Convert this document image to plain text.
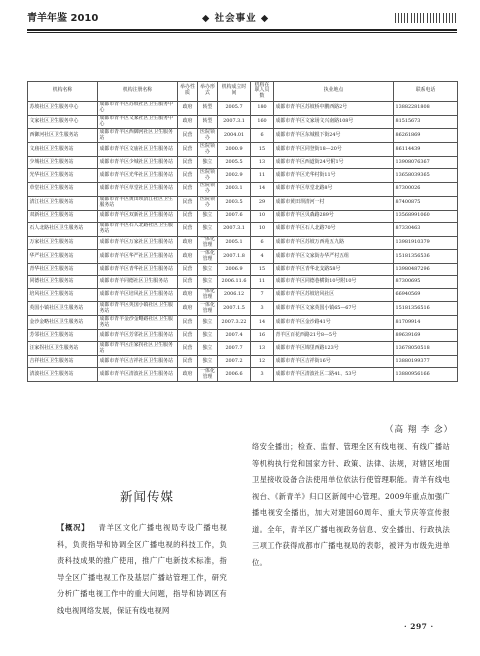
青羊年鉴 2010	◆ 社会事业 ◆
机构名称	机构注册名称	举办性质	举办形式	机构成立时间	机构在职人员数	执业地点	联系电话
苏坡社区卫生服务中心	成都市青羊区苏坡社区卫生服务中心	政府	转型	2005.7	180	成都市青羊区苏坡桥中鹏西路2号	13882281808
文家社区卫生服务中心	成都市青羊区文家社区卫生服务中心	政府	转型	2007.3.1	160	成都市青羊区文家场文兴南路108号	81515673
西御河社区卫生服务站	成都市青羊区西御河社区卫生服务站	民营	医院领办	2004.01	6	成都市青羊区东城根下街24号	86261869
文庙社区卫生服务站	成都市青羊区文庙社区卫生服务站	民营	医院领办	2000.9	15	成都市青羊区同登街18—20号	86114439
少城社区卫生服务站	成都市青羊区少城社区卫生服务站	民营	独立	2005.5	13	成都市青羊区西道街24号附1号	13908076367
光华社区卫生服务站	成都市青羊区光华社区卫生服务站	民营	医院领办	2002.9	11	成都市青羊区光华村街11号	13658039365
草堂社区卫生服务站	成都市青羊区草堂社区卫生服务站	民营	医院领办	2003.1	14	成都市青羊区草堂北路8号	87300026
清江社区卫生服务站	成都市青羊区黄田坝清江社区卫生服务站	民营	医院领办	2003.5	29	成都市黄田坝清河一村	87400875
双新社区卫生服务站	成都市青羊区双新社区卫生服务站	民营	独立	2007.6	10	成都市青羊区贝森路289号	13568991060
石人北路社区卫生服务站	成都市青羊区石人北路社区卫生服务站	民营	独立	2007.3.1	10	成都市青羊区石人北路70号	87330463
万家社区卫生服务站	成都市青羊区万家社区卫生服务站	政府	一体化管理	2005.1	6	成都市青羊区苏坡万西苑五九路	13981910379
华严社区卫生服务站	成都市青羊区华严社区卫生服务站	政府	一体化管理	2007.1.8	4	成都市青羊区文家街办华严村五组	15181356536
青华社区卫生服务站	成都市青羊区青华社区卫生服务站	民营	独立	2006.9	15	成都市青羊区青华北支路58号	13980487296
同德社区卫生服务站	成都市青羊同德社区卫生服务站	民营	独立	2006.11.6	11	成都市青羊区同德巷横街10号附10号	87300695
培风社区卫生服务站	成都市青羊区培风社区卫生服务站	政府	一体化管理	2006.12	7	成都市青羊区苏坡培风社区	66940569
英国小镇社区卫生服务站	成都市青羊区英国小镇社区卫生服务站	政府	一体化管理	2007.1.5	3	成都市青羊区文家英国小镇65—67号	15181356516
金沙金略社区卫生服务站	成都市青羊金沙金略路社区卫生服务站	民营	独立	2007.3.22	14	成都市青羊区金沙路41号	81709914
芳邻社区卫生服务站	成都市青羊区芳邻社区卫生服务站	民营	独立	2007.4	16	青羊区百花西路21号8—5号	89639169
汪家拐社区卫生服务站	成都市青羊区汪家拐社区卫生服务站	民营	独立	2007.7	13	成都市青羊区锦里西路123号	13678050518
吉祥社区卫生服务站	成都市青羊区吉祥社区卫生服务站	民营	独立	2007.2	12	成都市青羊区吉祥街16号	13880199377
清波社区卫生服务站	成都市青羊区清波社区卫生服务站	政府	一体化管理	2006.6	3	成都市青羊区清波社区二路41、53号	13880956166
（高 翔 李 念）
新闻传媒
【概况】 青羊区文化广播电视局专设广播电视科，负责指导和协调全区广播电视的科技工作，负责科技成果的推广使用，推广广电新技术标准，指导全区广播电视工作及基层广播站管理工作，研究分析广播电视工作中的重大问题，指导和协调区有线电视网络发展，保证有线电视网
络安全播出；检查、监督、管理全区有线电视、有线广播站等机构执行党和国家方针、政策、法律、法规，对辖区地面卫星接收设备合法使用单位依法行使管理职能。青羊有线电视台、《新青羊》归口区新闻中心管理。2009年重点加强广播电视安全播出，加大对建国60周年、重大节庆等宣传报道。全年，青羊区广播电视政务信息、安全播出、行政执法三项工作获得成都市广播电视局的表彰，被评为市级先进单位。
· 297 ·
